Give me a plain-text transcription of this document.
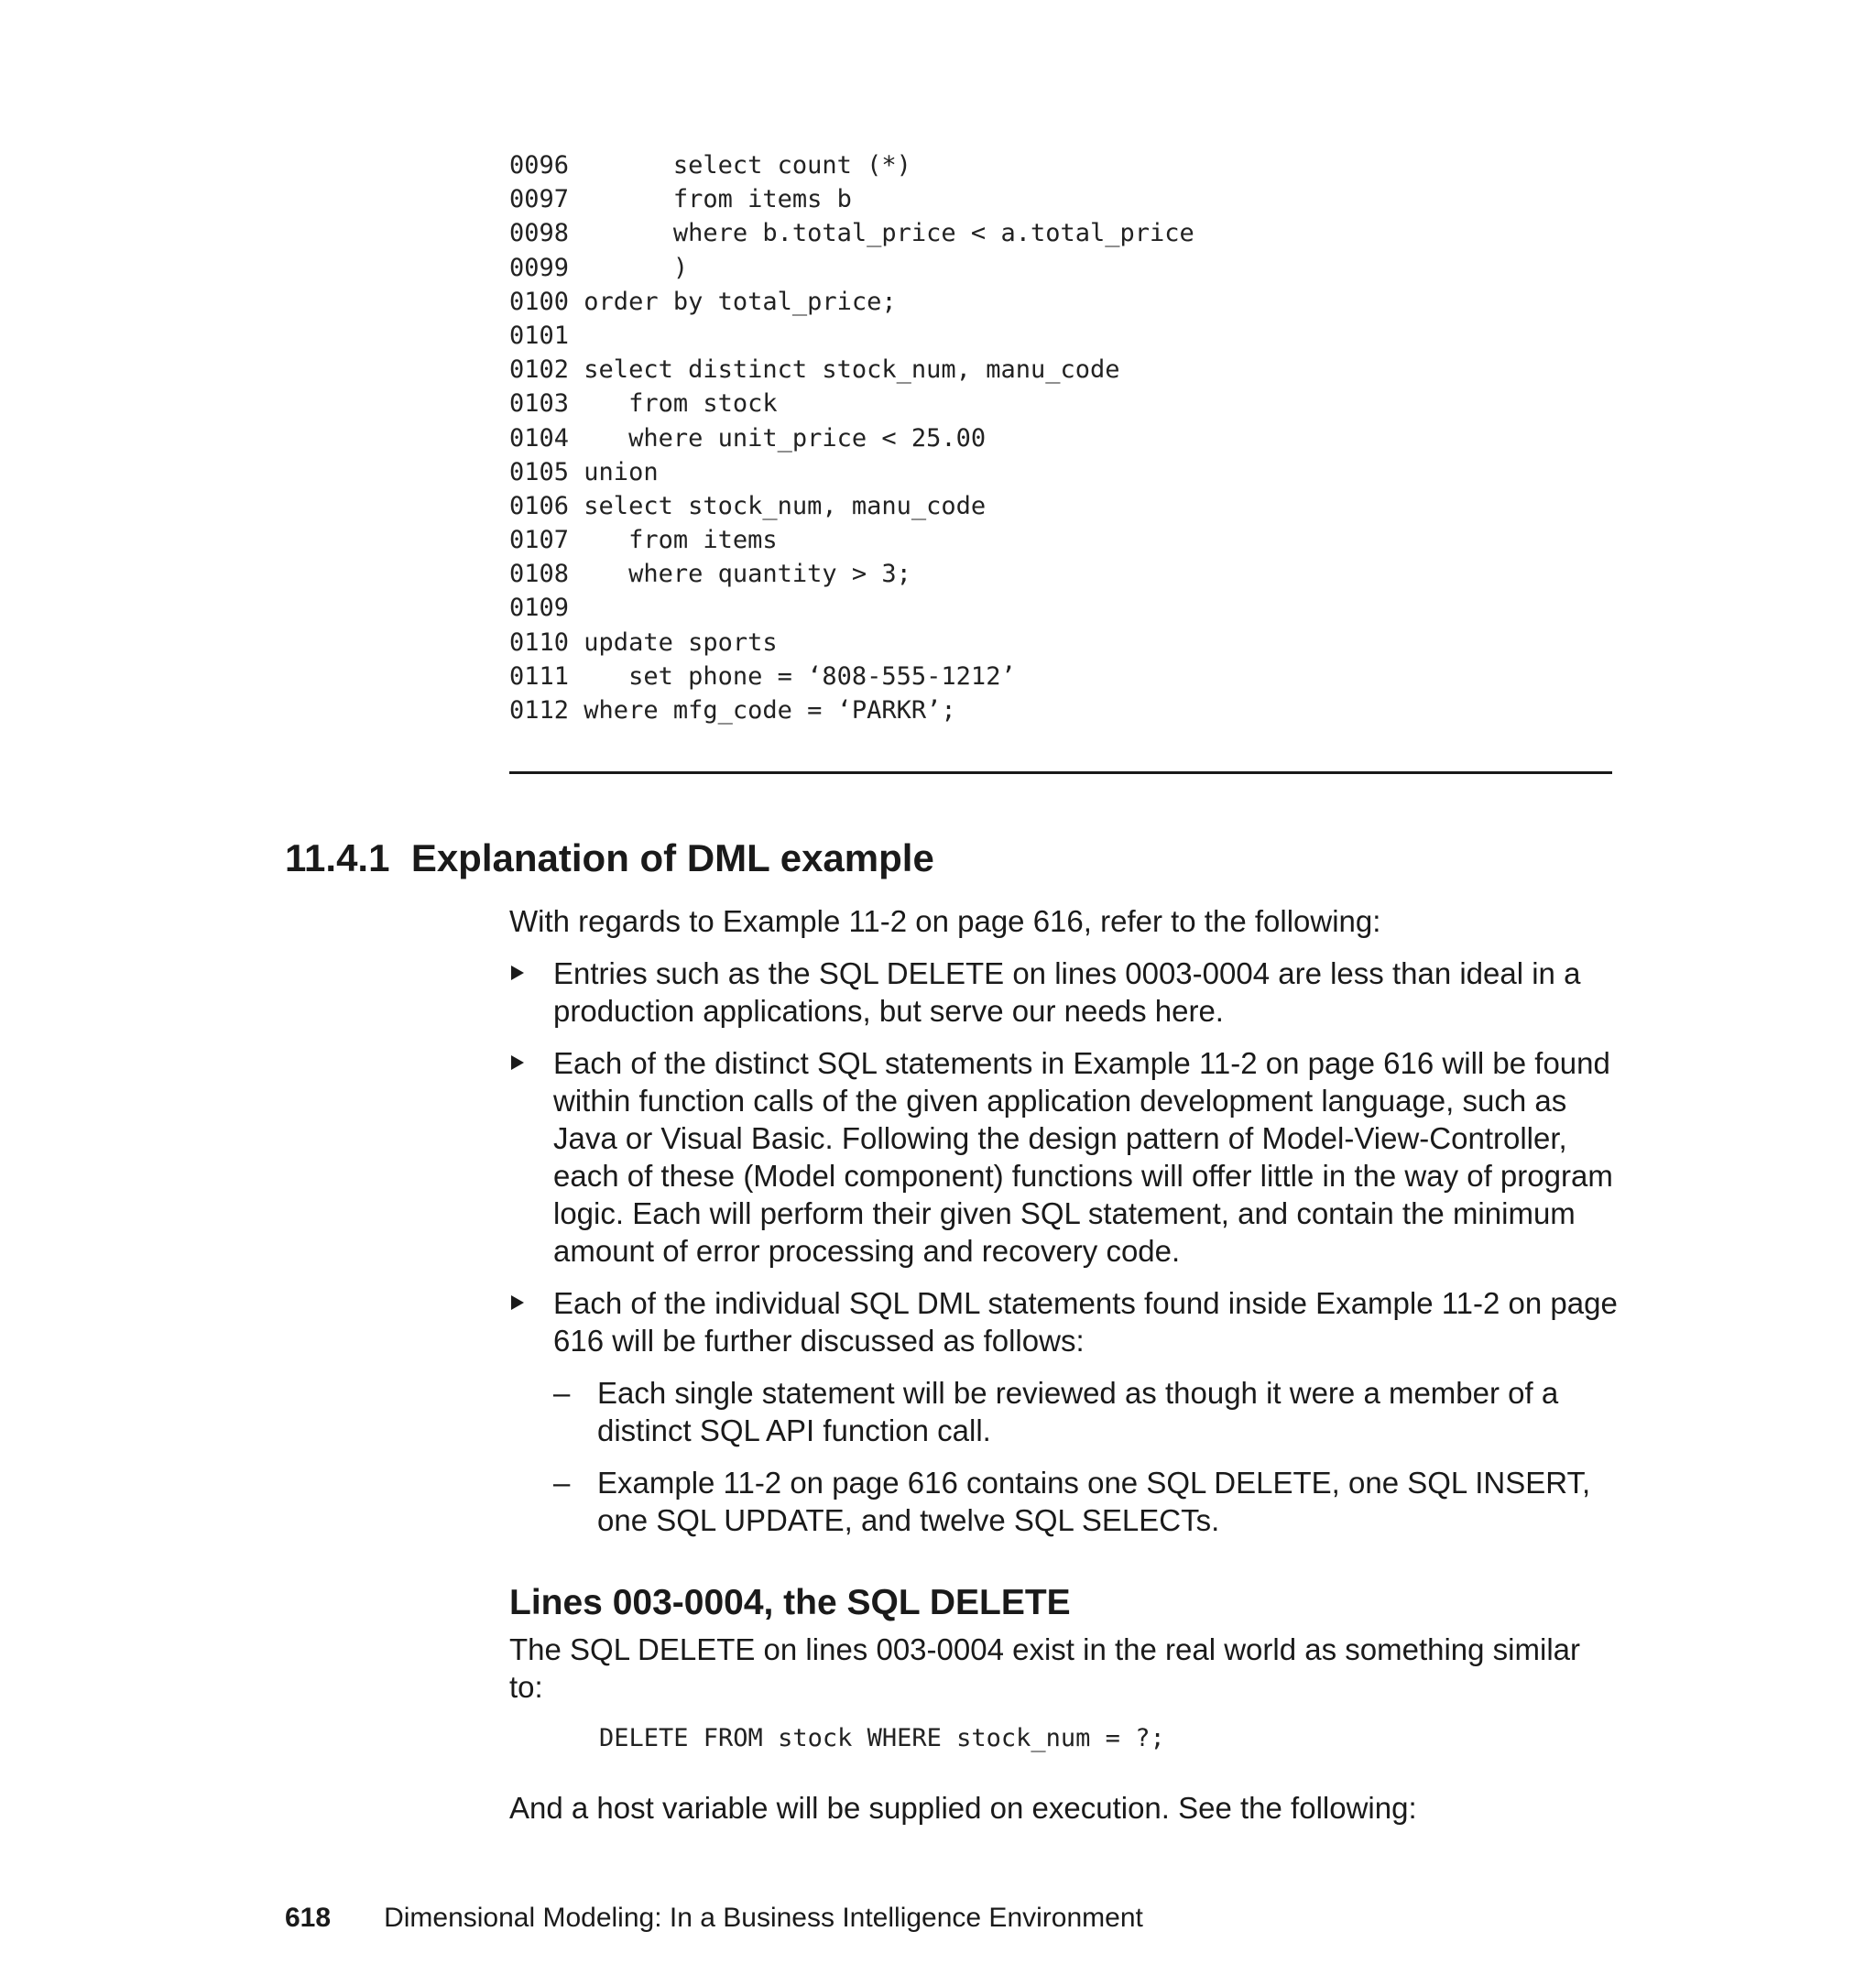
0096       select count (*)
0097       from items b
0098       where b.total_price < a.total_price
0099       )
0100 order by total_price;
0101
0102 select distinct stock_num, manu_code
0103    from stock
0104    where unit_price < 25.00
0105 union
0106 select stock_num, manu_code
0107    from items
0108    where quantity > 3;
0109
0110 update sports
0111    set phone = ‘808-555-1212’
0112 where mfg_code = ‘PARKR’;
11.4.1 Explanation of DML example

With regards to Example 11-2 on page 616, refer to the following:

Entries such as the SQL DELETE on lines 0003-0004 are less than ideal in a production applications, but serve our needs here.
Each of the distinct SQL statements in Example 11-2 on page 616 will be found within function calls of the given application development language, such as Java or Visual Basic. Following the design pattern of Model-View-Controller, each of these (Model component) functions will offer little in the way of program logic. Each will perform their given SQL statement, and contain the minimum amount of error processing and recovery code.
Each of the individual SQL DML statements found inside Example 11-2 on page 616 will be further discussed as follows:
– Each single statement will be reviewed as though it were a member of a distinct SQL API function call.
– Example 11-2 on page 616 contains one SQL DELETE, one SQL INSERT, one SQL UPDATE, and twelve SQL SELECTs.
Lines 003-0004, the SQL DELETE

The SQL DELETE on lines 003-0004 exist in the real world as something similar to:

DELETE FROM stock WHERE stock_num = ?;

And a host variable will be supplied on execution. See the following:

618 Dimensional Modeling: In a Business Intelligence Environment
